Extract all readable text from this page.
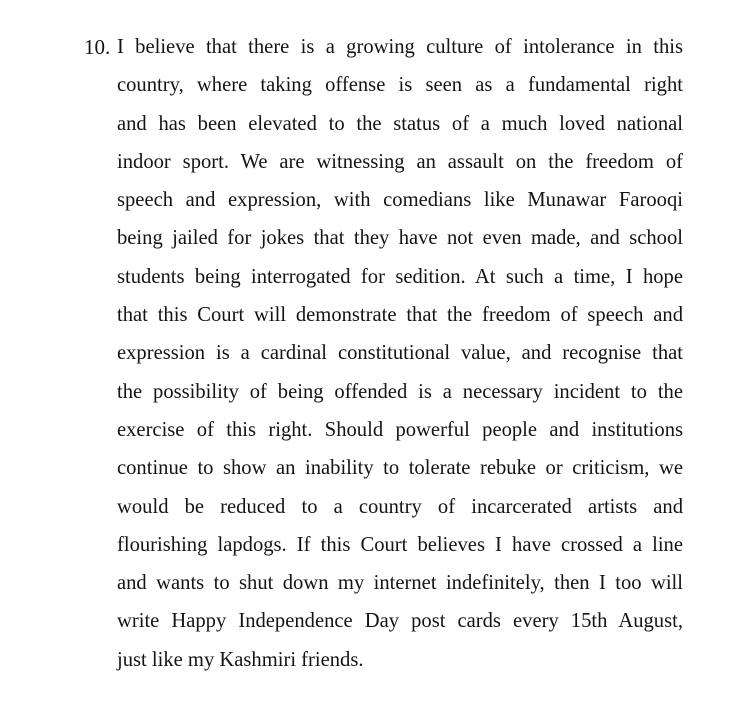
10. I believe that there is a growing culture of intolerance in this
country, where taking offense is seen as a fundamental right
and has been elevated to the status of a much loved national
indoor sport. We are witnessing an assault on the freedom of
speech and expression, with comedians like Munawar Farooqi
being jailed for jokes that they have not even made, and school
students being interrogated for sedition. At such a time, I hope
that this Court will demonstrate that the freedom of speech and
expression is a cardinal constitutional value, and recognise that
the possibility of being offended is a necessary incident to the
exercise of this right. Should powerful people and institutions
continue to show an inability to tolerate rebuke or criticism, we
would be reduced to a country of incarcerated artists and
flourishing lapdogs. If this Court believes I have crossed a line
and wants to shut down my internet indefinitely, then I too will
write Happy Independence Day post cards every 15th August,
just like my Kashmiri friends.
